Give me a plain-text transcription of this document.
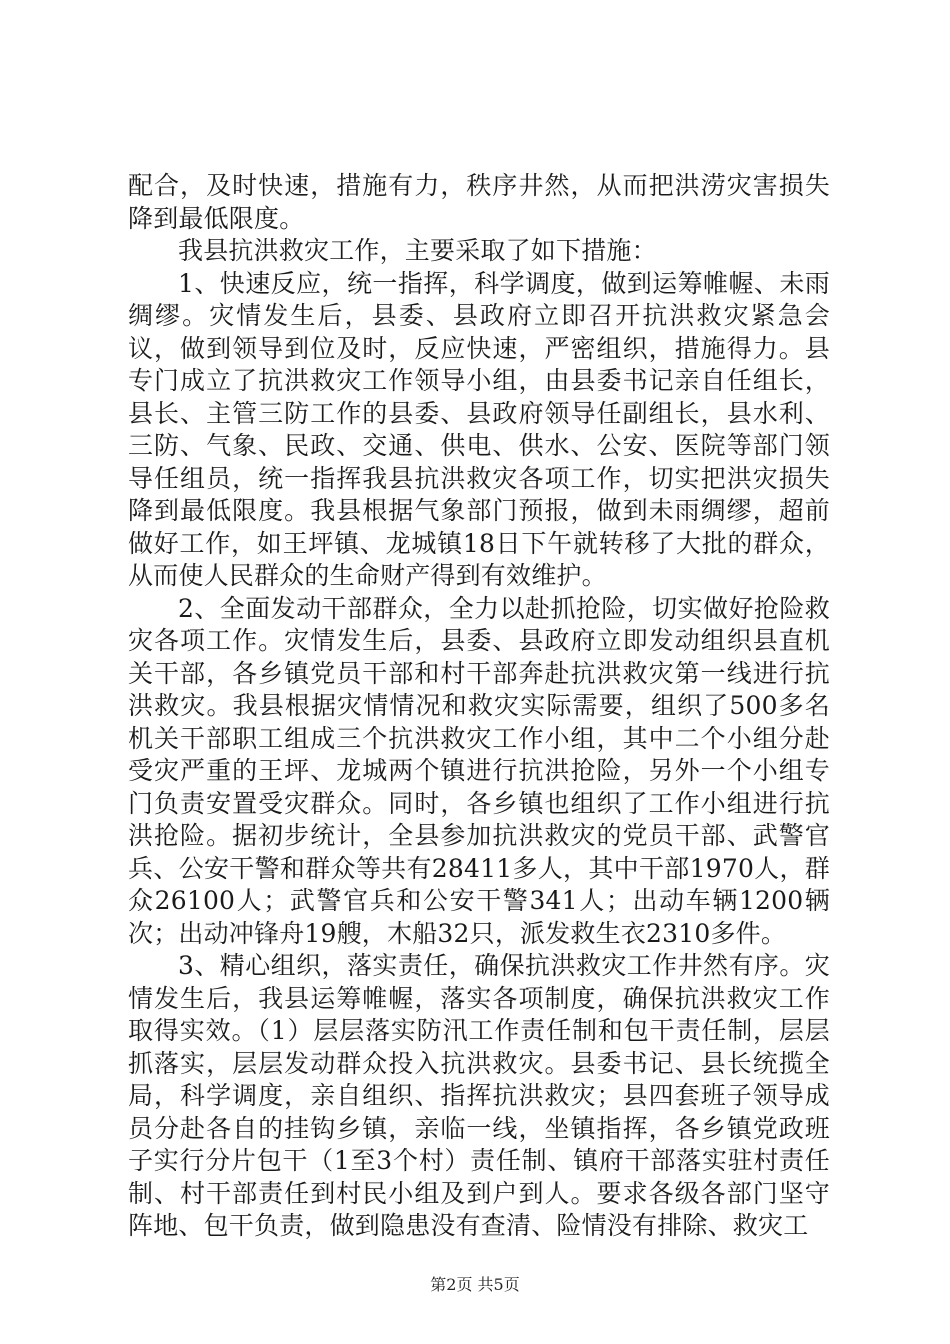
配合，及时快速，措施有力，秩序井然，从而把洪涝灾害损失降到最低限度。

我县抗洪救灾工作，主要采取了如下措施：

1、快速反应，统一指挥，科学调度，做到运筹帷幄、未雨绸缪。灾情发生后，县委、县政府立即召开抗洪救灾紧急会议，做到领导到位及时，反应快速，严密组织，措施得力。县专门成立了抗洪救灾工作领导小组，由县委书记亲自任组长，县长、主管三防工作的县委、县政府领导任副组长，县水利、三防、气象、民政、交通、供电、供水、公安、医院等部门领导任组员，统一指挥我县抗洪救灾各项工作，切实把洪灾损失降到最低限度。我县根据气象部门预报，做到未雨绸缪，超前做好工作，如王坪镇、龙城镇18日下午就转移了大批的群众，从而使人民群众的生命财产得到有效维护。

2、全面发动干部群众，全力以赴抓抢险，切实做好抢险救灾各项工作。灾情发生后，县委、县政府立即发动组织县直机关干部，各乡镇党员干部和村干部奔赴抗洪救灾第一线进行抗洪救灾。我县根据灾情情况和救灾实际需要，组织了500多名机关干部职工组成三个抗洪救灾工作小组，其中二个小组分赴受灾严重的王坪、龙城两个镇进行抗洪抢险，另外一个小组专门负责安置受灾群众。同时，各乡镇也组织了工作小组进行抗洪抢险。据初步统计，全县参加抗洪救灾的党员干部、武警官兵、公安干警和群众等共有28411多人，其中干部1970人，群众26100人；武警官兵和公安干警341人；出动车辆1200辆次；出动冲锋舟19艘，木船32只，派发救生衣2310多件。

3、精心组织，落实责任，确保抗洪救灾工作井然有序。灾情发生后，我县运筹帷幄，落实各项制度，确保抗洪救灾工作取得实效。（1）层层落实防汛工作责任制和包干责任制，层层抓落实，层层发动群众投入抗洪救灾。县委书记、县长统揽全局，科学调度，亲自组织、指挥抗洪救灾；县四套班子领导成员分赴各自的挂钩乡镇，亲临一线，坐镇指挥，各乡镇党政班子实行分片包干（1至3个村）责任制、镇府干部落实驻村责任制、村干部责任到村民小组及到户到人。要求各级各部门坚守阵地、包干负责，做到隐患没有查清、险情没有排除、救灾工

第2页 共5页
